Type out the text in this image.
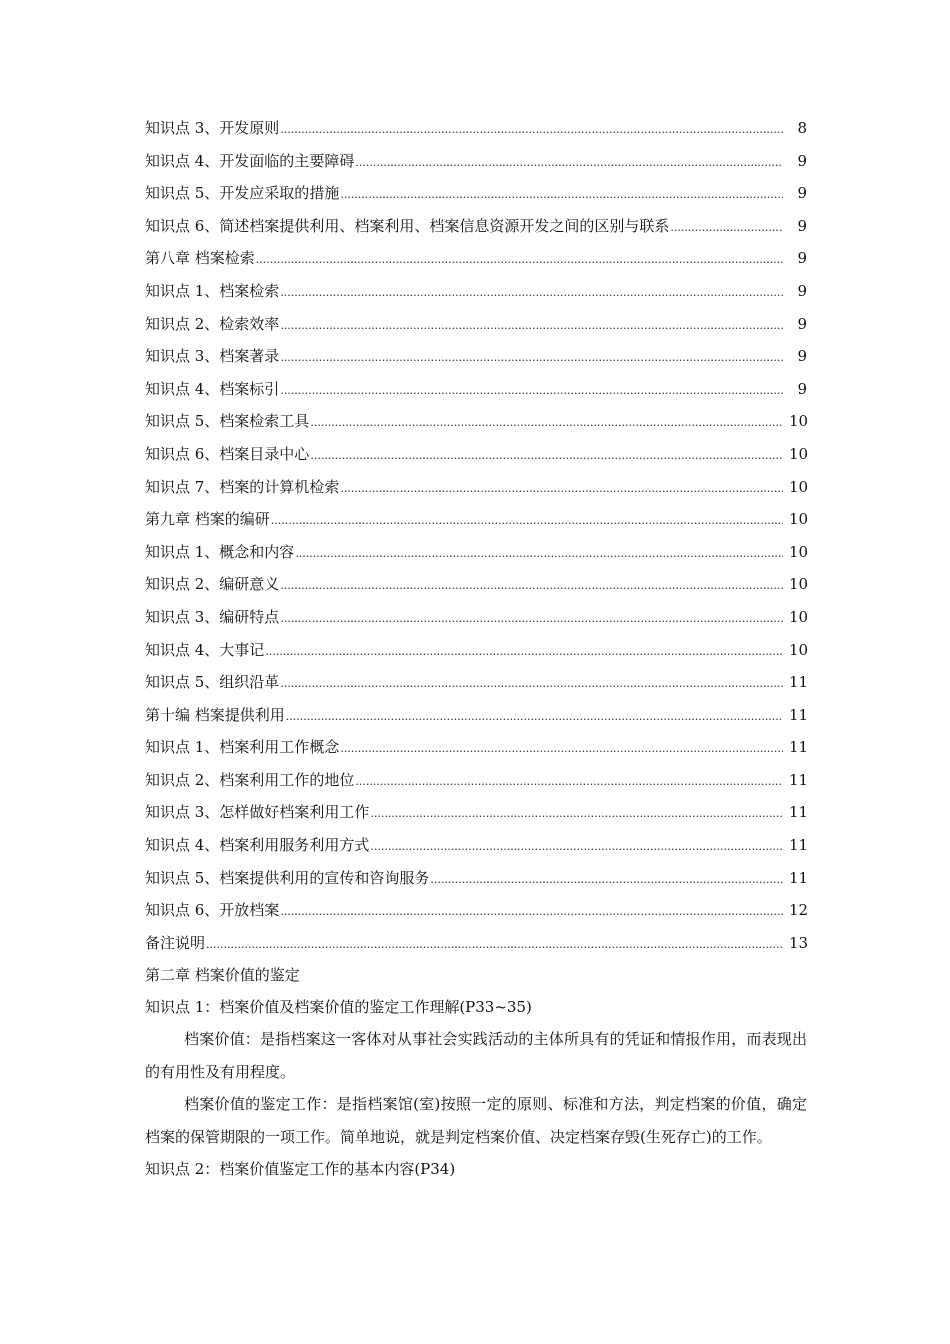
知识点 3、开发原则 .....	8
知识点 4、开发面临的主要障碍 .....	9
知识点 5、开发应采取的措施 .....	9
知识点 6、简述档案提供利用、档案利用、档案信息资源开发之间的区别与联系 .....	9
第八章 档案检索 .....	9
知识点 1、档案检索 .....	9
知识点 2、检索效率 .....	9
知识点 3、档案著录 .....	9
知识点 4、档案标引 .....	9
知识点 5、档案检索工具 .....	10
知识点 6、档案目录中心 .....	10
知识点 7、档案的计算机检索 .....	10
第九章 档案的编研 .....	10
知识点 1、概念和内容 .....	10
知识点 2、编研意义 .....	10
知识点 3、编研特点 .....	10
知识点 4、大事记 .....	10
知识点 5、组织沿革 .....	11
第十编 档案提供利用 .....	11
知识点 1、档案利用工作概念 .....	11
知识点 2、档案利用工作的地位 .....	11
知识点 3、怎样做好档案利用工作 .....	11
知识点 4、档案利用服务利用方式 .....	11
知识点 5、档案提供利用的宣传和咨询服务 .....	11
知识点 6、开放档案 .....	12
备注说明 .....	13
第二章 档案价值的鉴定
知识点 1：档案价值及档案价值的鉴定工作理解(P33~35)

档案价值：是指档案这一客体对从事社会实践活动的主体所具有的凭证和情报作用，而表现出的有用性及有用程度。

档案价值的鉴定工作：是指档案馆(室)按照一定的原则、标准和方法，判定档案的价值，确定档案的保管期限的一项工作。简单地说，就是判定档案价值、决定档案存毁(生死存亡)的工作。

知识点 2：档案价值鉴定工作的基本内容(P34)
